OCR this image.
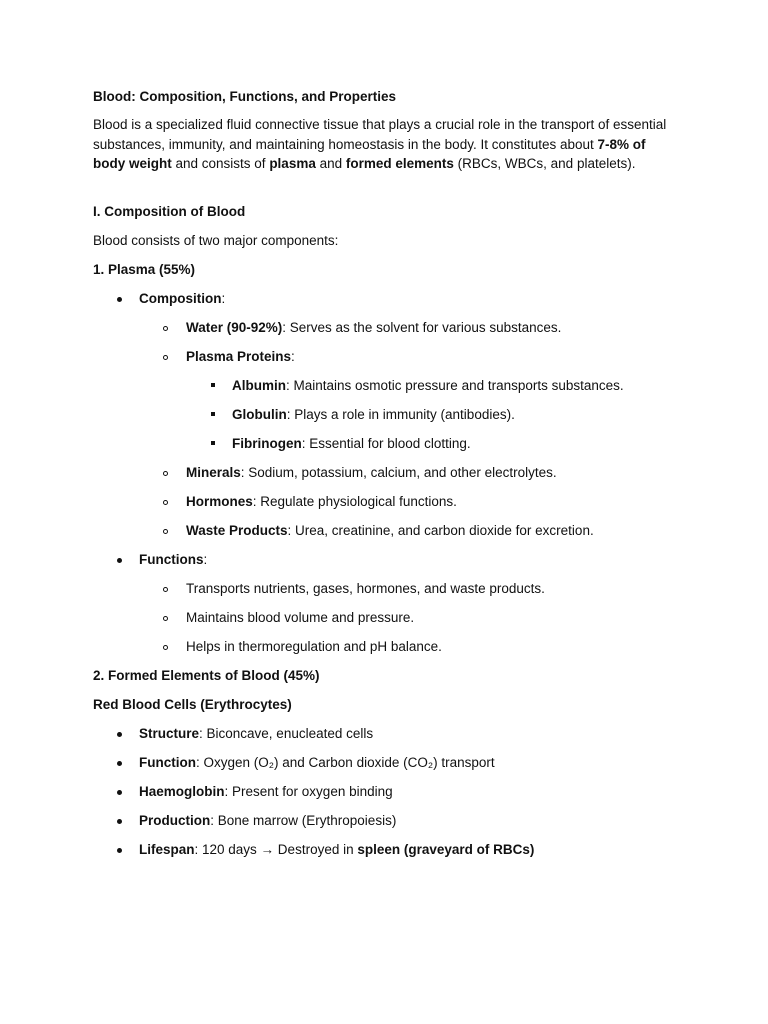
Blood: Composition, Functions, and Properties
Blood is a specialized fluid connective tissue that plays a crucial role in the transport of essential substances, immunity, and maintaining homeostasis in the body. It constitutes about 7-8% of body weight and consists of plasma and formed elements (RBCs, WBCs, and platelets).
I. Composition of Blood
Blood consists of two major components:
1. Plasma (55%)
Composition:
Water (90-92%): Serves as the solvent for various substances.
Plasma Proteins:
Albumin: Maintains osmotic pressure and transports substances.
Globulin: Plays a role in immunity (antibodies).
Fibrinogen: Essential for blood clotting.
Minerals: Sodium, potassium, calcium, and other electrolytes.
Hormones: Regulate physiological functions.
Waste Products: Urea, creatinine, and carbon dioxide for excretion.
Functions:
Transports nutrients, gases, hormones, and waste products.
Maintains blood volume and pressure.
Helps in thermoregulation and pH balance.
2. Formed Elements of Blood (45%)
Red Blood Cells (Erythrocytes)
Structure: Biconcave, enucleated cells
Function: Oxygen (O₂) and Carbon dioxide (CO₂) transport
Haemoglobin: Present for oxygen binding
Production: Bone marrow (Erythropoiesis)
Lifespan: 120 days → Destroyed in spleen (graveyard of RBCs)
